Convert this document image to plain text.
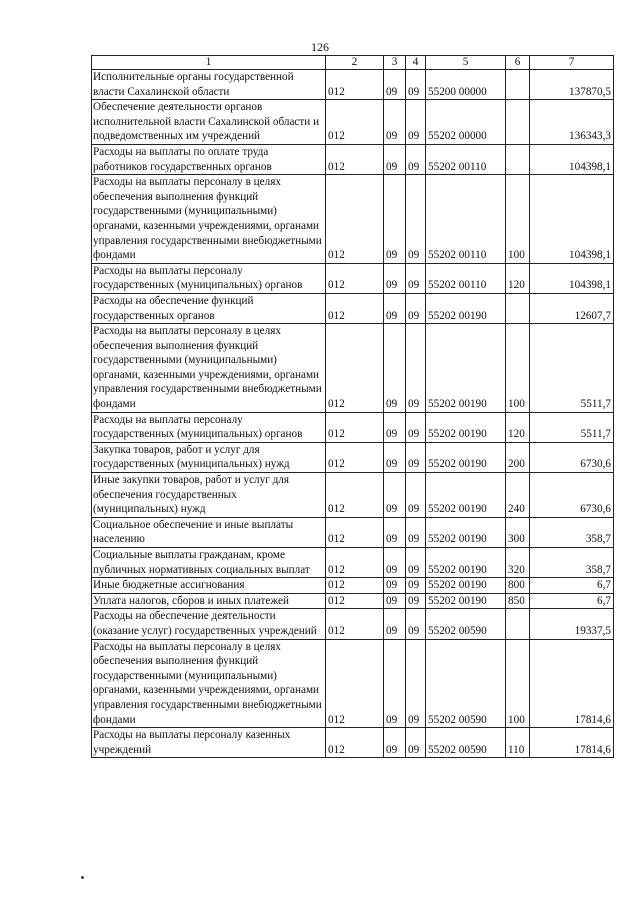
126
1	2	3	4	5	6	7
Исполнительные органы государственной власти Сахалинской области	012	09	09	55200 00000		137870,5
Обеспечение деятельности органов исполнительной власти Сахалинской области и подведомственных им учреждений	012	09	09	55202 00000		136343,3
Расходы на выплаты по оплате труда работников государственных органов	012	09	09	55202 00110		104398,1
Расходы на выплаты персоналу в целях обеспечения выполнения функций государственными (муниципальными) органами, казенными учреждениями, органами управления государственными внебюджетными фондами	012	09	09	55202 00110	100	104398,1
Расходы на выплаты персоналу государственных (муниципальных) органов	012	09	09	55202 00110	120	104398,1
Расходы на обеспечение функций государственных органов	012	09	09	55202 00190		12607,7
Расходы на выплаты персоналу в целях обеспечения выполнения функций государственными (муниципальными) органами, казенными учреждениями, органами управления государственными внебюджетными фондами	012	09	09	55202 00190	100	5511,7
Расходы на выплаты персоналу государственных (муниципальных) органов	012	09	09	55202 00190	120	5511,7
Закупка товаров, работ и услуг для государственных (муниципальных) нужд	012	09	09	55202 00190	200	6730,6
Иные закупки товаров, работ и услуг для обеспечения государственных (муниципальных) нужд	012	09	09	55202 00190	240	6730,6
Социальное обеспечение и иные выплаты населению	012	09	09	55202 00190	300	358,7
Социальные выплаты гражданам, кроме публичных нормативных социальных выплат	012	09	09	55202 00190	320	358,7
Иные бюджетные ассигнования	012	09	09	55202 00190	800	6,7
Уплата налогов, сборов и иных платежей	012	09	09	55202 00190	850	6,7
Расходы на обеспечение деятельности (оказание услуг) государственных учреждений	012	09	09	55202 00590		19337,5
Расходы на выплаты персоналу в целях обеспечения выполнения функций государственными (муниципальными) органами, казенными учреждениями, органами управления государственными внебюджетными фондами	012	09	09	55202 00590	100	17814,6
Расходы на выплаты персоналу казенных учреждений	012	09	09	55202 00590	110	17814,6
